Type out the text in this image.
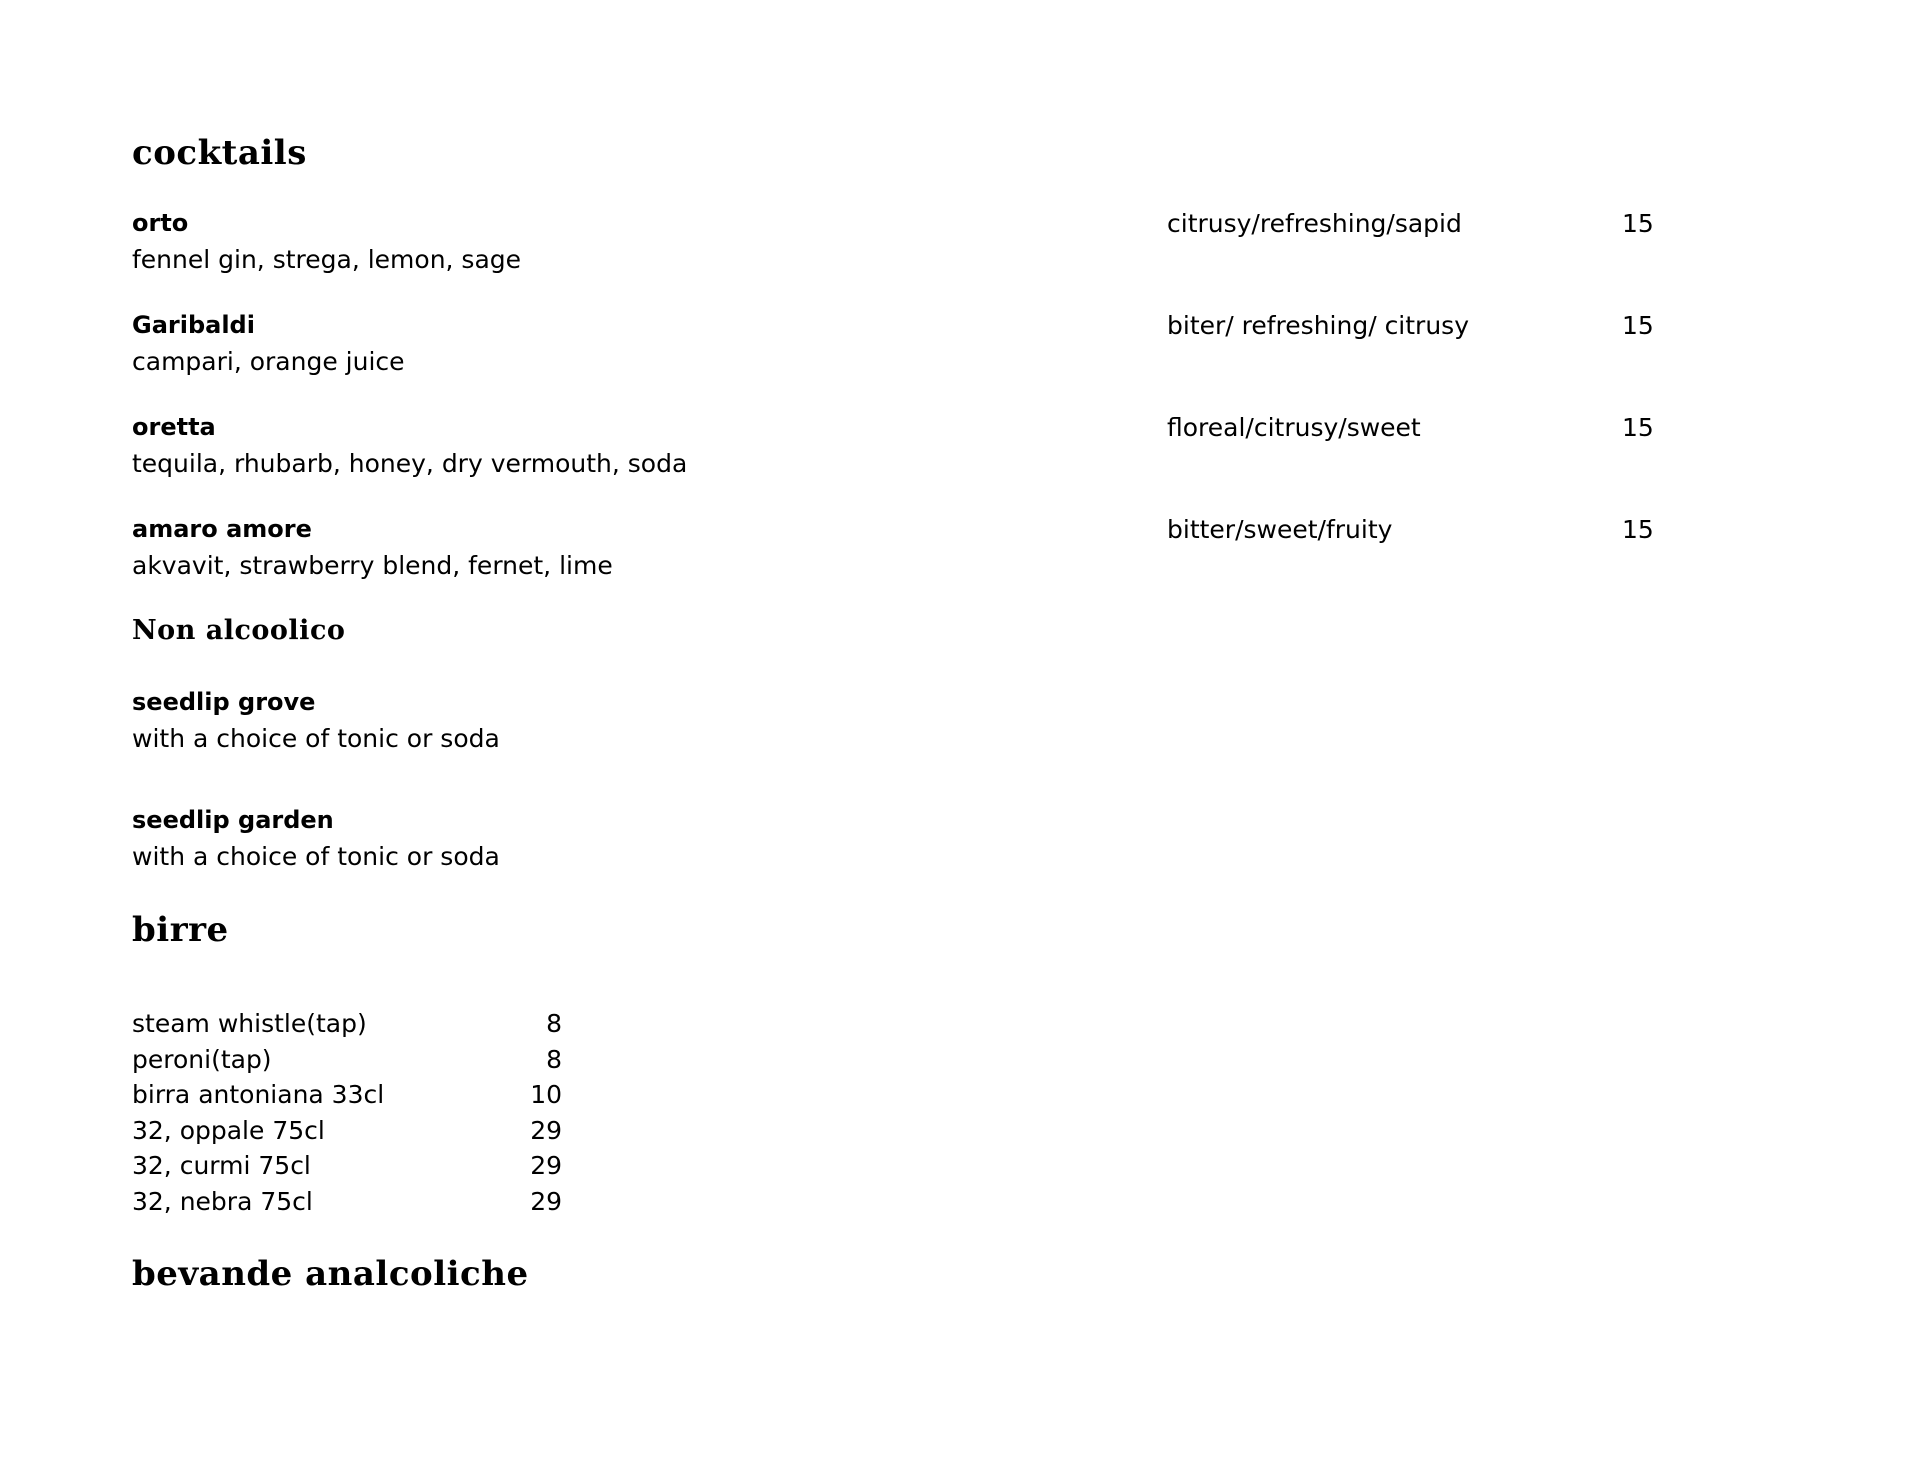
cocktails
orto
fennel gin, strega, lemon, sage
citrusy/refreshing/sapid	15
Garibaldi
campari, orange juice
biter/ refreshing/ citrusy	15
oretta
tequila, rhubarb, honey, dry vermouth, soda
floreal/citrusy/sweet	15
amaro amore
akvavit, strawberry blend, fernet, lime
bitter/sweet/fruity	15
Non alcoolico
seedlip grove
with a choice of tonic or soda
seedlip garden
with a choice of tonic or soda
birre
steam whistle(tap)	8
peroni(tap)	8
birra antoniana 33cl	10
32, oppale 75cl	29
32, curmi 75cl	29
32, nebra 75cl	29
bevande analcoliche
